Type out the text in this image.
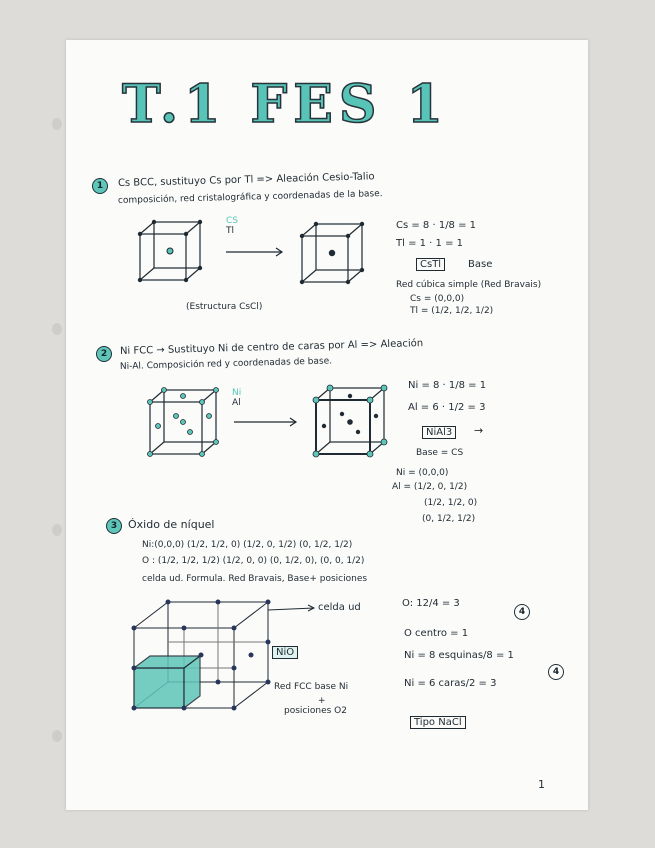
T.1 FES 1
1	Cs BCC, sustituyo Cs por Tl => Aleación Cesio-Talio
composición, red cristalográfica y coordenadas de la base.
CS
Tl
(Estructura CsCl)
Cs = 8 · 1/8 = 1
Tl = 1 · 1 = 1
CsTl	Base
Red cúbica simple (Red Bravais)
Cs = (0,0,0)
Tl = (1/2, 1/2, 1/2)
2	Ni FCC → Sustituyo Ni de centro de caras por Al => Aleación
Ni-Al. Composición red y coordenadas de base.
Ni
Al
Ni = 8 · 1/8 = 1
Al = 6 · 1/2 = 3
NiAl3	→
Base = CS
Ni = (0,0,0)
Al = (1/2, 0, 1/2)
(1/2, 1/2, 0)
(0, 1/2, 1/2)
3 Óxido de níquel
Ni:(0,0,0) (1/2, 1/2, 0) (1/2, 0, 1/2) (0, 1/2, 1/2)
O : (1/2, 1/2, 1/2) (1/2, 0, 0) (0, 1/2, 0), (0, 0, 1/2)
celda ud. Formula. Red Bravais, Base+ posiciones
celda ud
NiO
Red FCC base Ni
+
posiciones O2
O: 12/4 = 3
O centro = 1
Ni = 8 esquinas/8 = 1
Ni = 6 caras/2 = 3
4
4
Tipo NaCl
1
